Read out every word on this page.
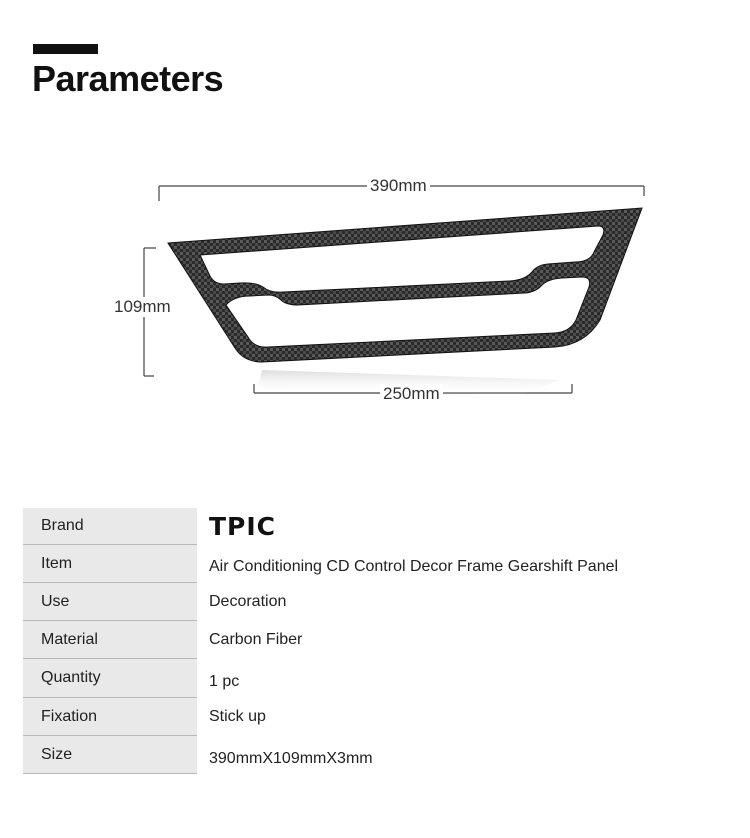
Parameters
390mm
109mm
250mm
Brand	TPIC
Item	Air Conditioning CD Control Decor Frame Gearshift Panel
Use	Decoration
Material	Carbon Fiber
Quantity	1 pc
Fixation	Stick up
Size	390mmX109mmX3mm
